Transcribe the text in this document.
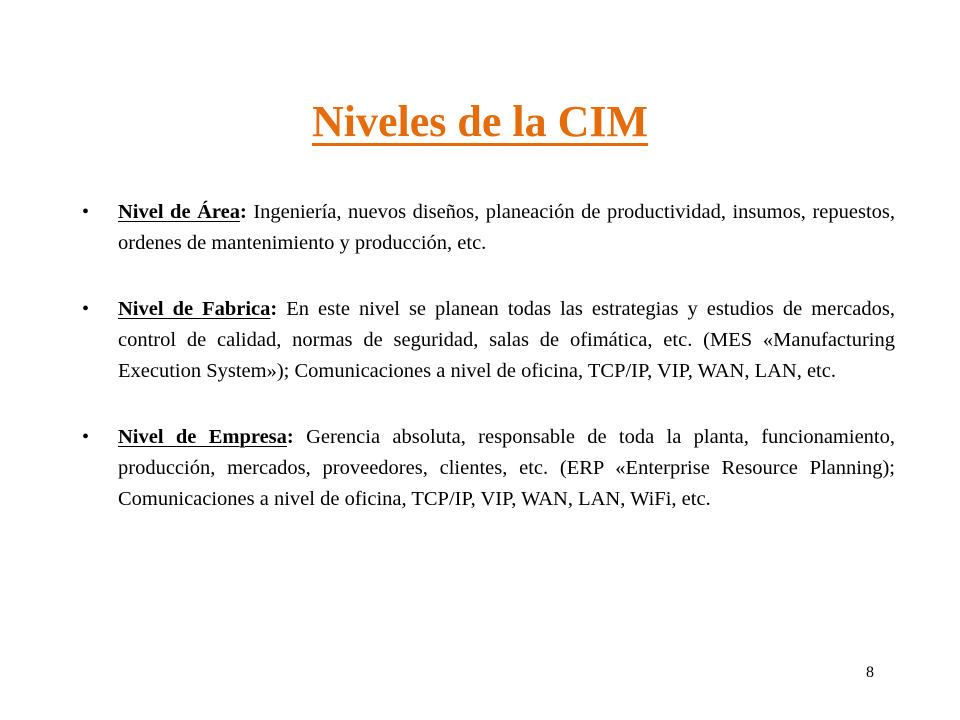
Niveles de la CIM
• Nivel de Área: Ingeniería, nuevos diseños, planeación de productividad, insumos, repuestos, ordenes de mantenimiento y producción, etc.
• Nivel de Fabrica: En este nivel se planean todas las estrategias y estudios de mercados, control de calidad, normas de seguridad, salas de ofimática, etc. (MES «Manufacturing Execution System»); Comunicaciones a nivel de oficina, TCP/IP, VIP, WAN, LAN, etc.
• Nivel de Empresa: Gerencia absoluta, responsable de toda la planta, funcionamiento, producción, mercados, proveedores, clientes, etc. (ERP «Enterprise Resource Planning); Comunicaciones a nivel de oficina, TCP/IP, VIP, WAN, LAN, WiFi, etc.
8
